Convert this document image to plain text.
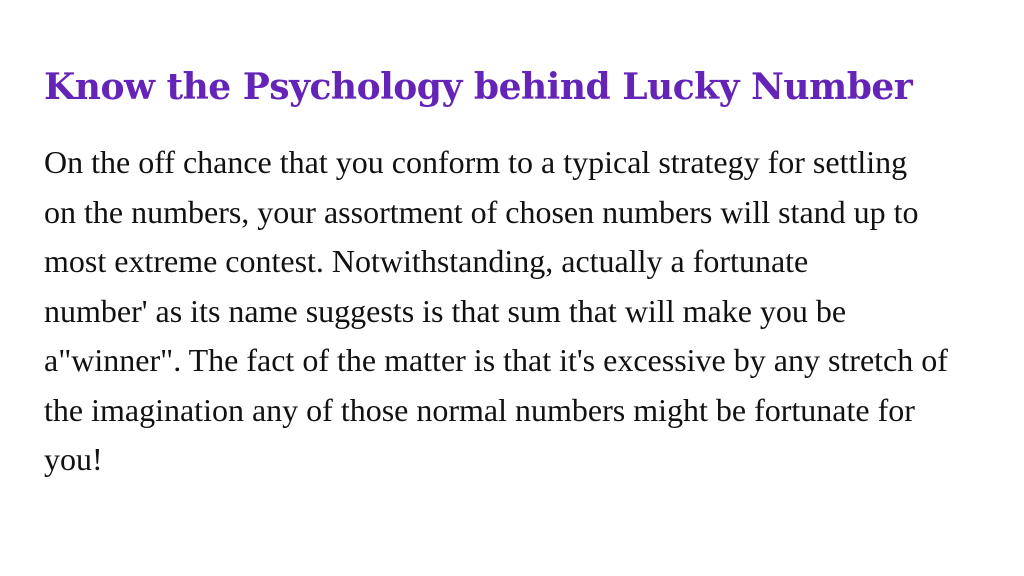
Know the Psychology behind Lucky Number

On the off chance that you conform to a typical strategy for settling
on the numbers, your assortment of chosen numbers will stand up to
most extreme contest. Notwithstanding, actually a fortunate
number' as its name suggests is that sum that will make you be
a"winner". The fact of the matter is that it's excessive by any stretch of
the imagination any of those normal numbers might be fortunate for
you!
